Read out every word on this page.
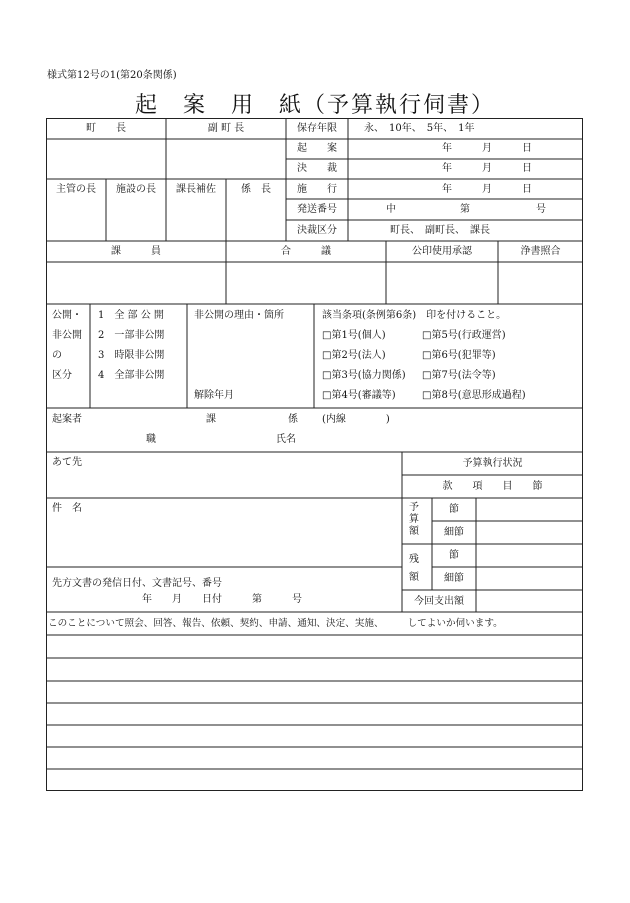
様式第12号の1(第20条関係)
起　案　用　紙（予算執行伺書）
町　　長	副 町 長
主管の長	施設の長	課長補佐	係　長
保存年限	永、　10年、　5年、　1年
起　　案	年　　　月　　　日
決　　裁	年　　　月　　　日
施　　行	年　　　月　　　日
発送番号	中	第	号
決裁区分	町長、　副町長、　課長
課　　　員	合　　　議	公印使用承認	浄書照合
公開・
非公開
の
区分
1　全 部 公 開
2　一部非公開
3　時限非公開
4　全部非公開
非公開の理由・箇所
解除年月
該当条項(条例第6条)　印を付けること。
□第1号(個人)	□第5号(行政運営)
□第2号(法人)	□第6号(犯罪等)
□第3号(協力関係) □第7号(法令等)
□第4号(審議等)	□第8号(意思形成過程)
起案者	課	係 (内線　　　　)
職	氏名
あて先	予算執行状況
款　　項　　目　　節
予算額
節
細節
残額
節
細節
今回支出額
件　名
先方文書の発信日付、文書記号、番号
年　　月　　日付　　　第　　　号
このことについて照会、回答、報告、依頼、契約、申請、通知、決定、実施、　　　してよいか伺います。
